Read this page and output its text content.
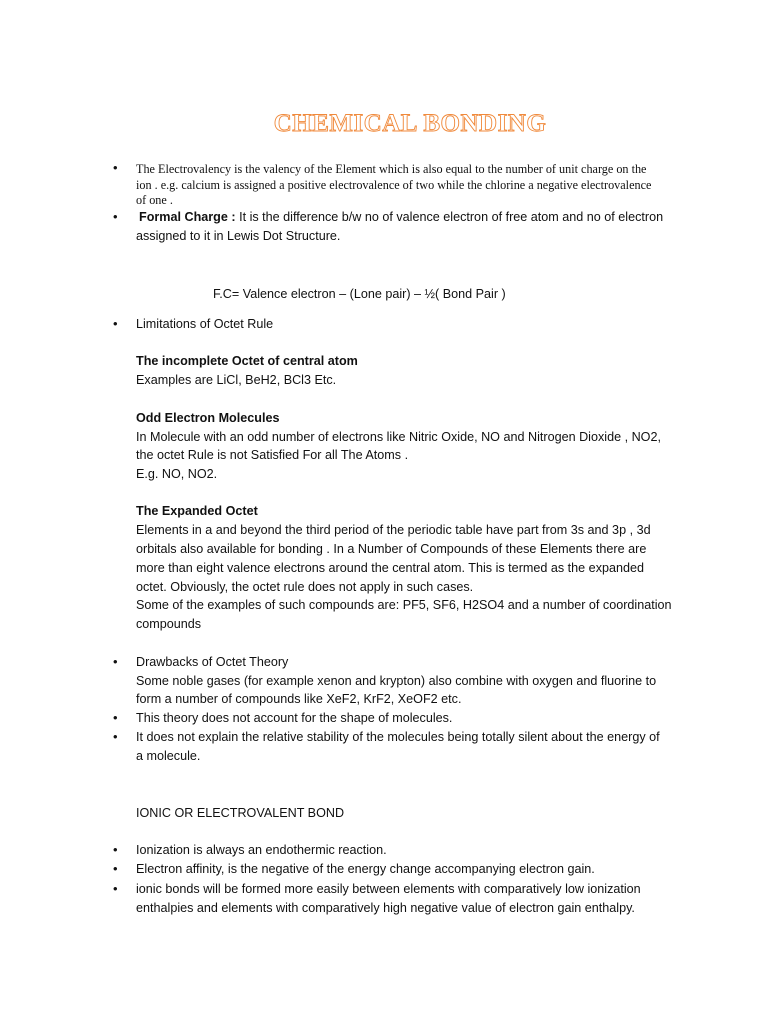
CHEMICAL BONDING
•	The Electrovalency is the valency of the Element which is also equal to the number of unit charge on the
ion . e.g. calcium is assigned a positive electrovalence of two while the chlorine a negative electrovalence
of one .
•	Formal Charge : It is the difference b/w no of valence electron of free atom and no of electron
assigned to it in Lewis Dot Structure.
F.C= Valence electron – (Lone pair) – ½( Bond Pair )
•	Limitations of Octet Rule
The incomplete Octet of central atom
Examples are LiCl, BeH2, BCl3 Etc.
Odd Electron Molecules
In Molecule with an odd number of electrons like Nitric Oxide, NO and Nitrogen Dioxide , NO2,
the octet Rule is not Satisfied For all The Atoms .
E.g. NO, NO2.
The Expanded Octet
Elements in a and beyond the third period of the periodic table have part from 3s and 3p , 3d
orbitals also available for bonding . In a Number of Compounds of these Elements there are
more than eight valence electrons around the central atom. This is termed as the expanded
octet. Obviously, the octet rule does not apply in such cases.
Some of the examples of such compounds are: PF5, SF6, H2SO4 and a number of coordination
compounds
•	Drawbacks of Octet Theory
Some noble gases (for example xenon and krypton) also combine with oxygen and fluorine to
form a number of compounds like XeF2, KrF2, XeOF2 etc.
•	This theory does not account for the shape of molecules.
•	It does not explain the relative stability of the molecules being totally silent about the energy of
a molecule.
IONIC OR ELECTROVALENT BOND
•	Ionization is always an endothermic reaction.
•	Electron affinity, is the negative of the energy change accompanying electron gain.
•	ionic bonds will be formed more easily between elements with comparatively low ionization
enthalpies and elements with comparatively high negative value of electron gain enthalpy.
